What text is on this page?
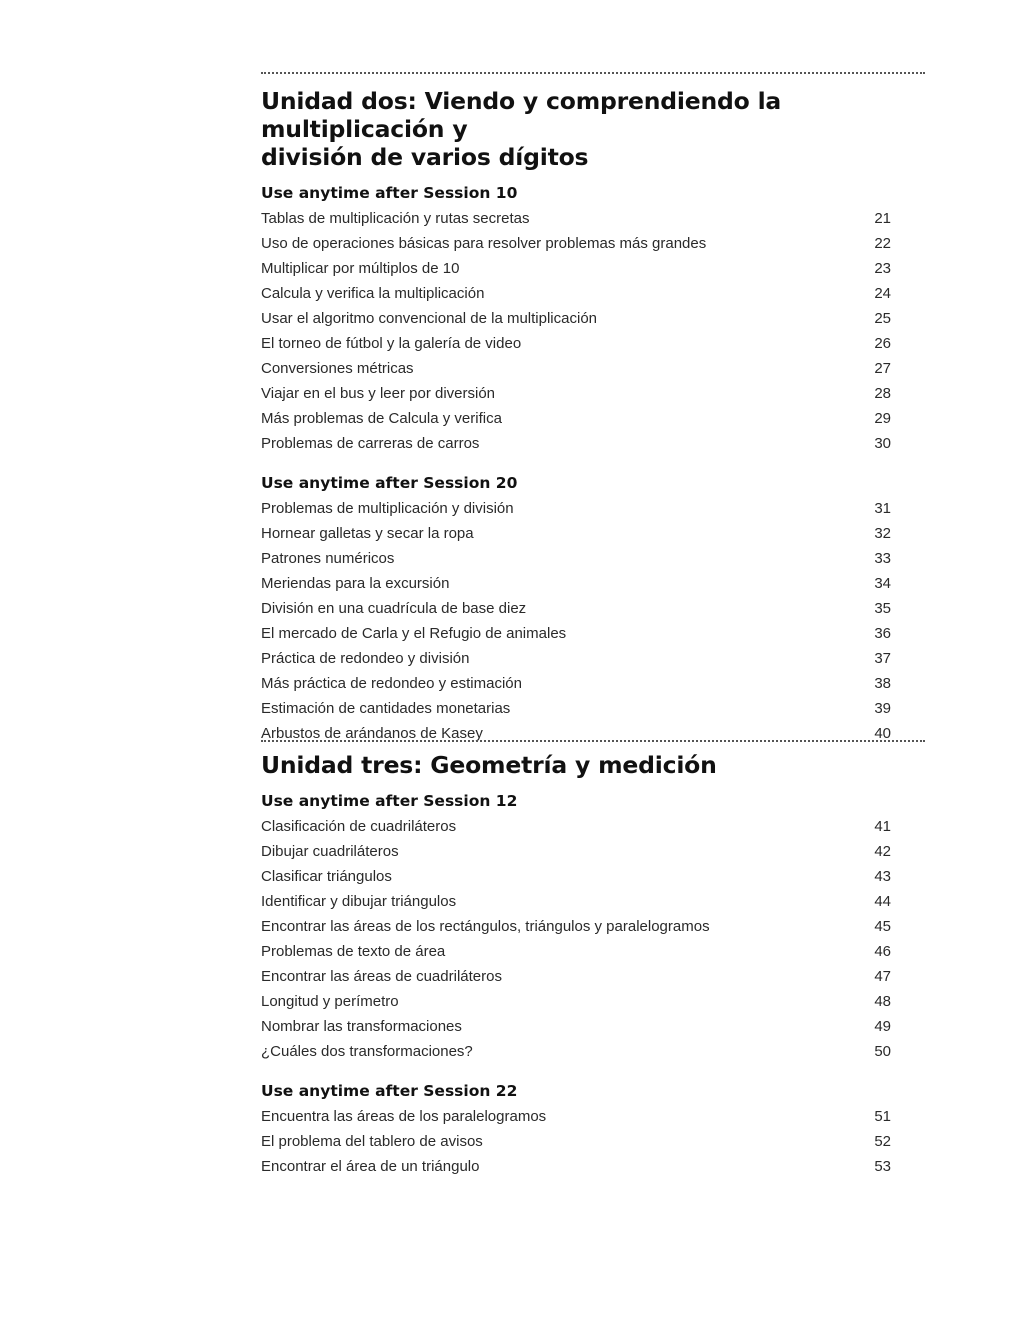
Unidad dos: Viendo y comprendiendo la multiplicación y
división de varios dígitos
Use anytime after Session 10
Tablas de multiplicación y rutas secretas	21
Uso de operaciones básicas para resolver problemas más grandes	22
Multiplicar por múltiplos de 10	23
Calcula y verifica la multiplicación	24
Usar el algoritmo convencional de la multiplicación	25
El torneo de fútbol y la galería de video	26
Conversiones métricas	27
Viajar en el bus y leer por diversión	28
Más problemas de Calcula y verifica	29
Problemas de carreras de carros	30
Use anytime after Session 20
Problemas de multiplicación y división	31
Hornear galletas y secar la ropa	32
Patrones numéricos	33
Meriendas para la excursión	34
División en una cuadrícula de base diez	35
El mercado de Carla y el Refugio de animales	36
Práctica de redondeo y división	37
Más práctica de redondeo y estimación	38
Estimación de cantidades monetarias	39
Arbustos de arándanos de Kasey	40
Unidad tres: Geometría y medición
Use anytime after Session 12
Clasificación de cuadriláteros	41
Dibujar cuadriláteros	42
Clasificar triángulos	43
Identificar y dibujar triángulos	44
Encontrar las áreas de los rectángulos, triángulos y paralelogramos	45
Problemas de texto de área	46
Encontrar las áreas de cuadriláteros	47
Longitud y perímetro	48
Nombrar las transformaciones	49
¿Cuáles dos transformaciones?	50
Use anytime after Session 22
Encuentra las áreas de los paralelogramos	51
El problema del tablero de avisos	52
Encontrar el área de un triángulo	53
